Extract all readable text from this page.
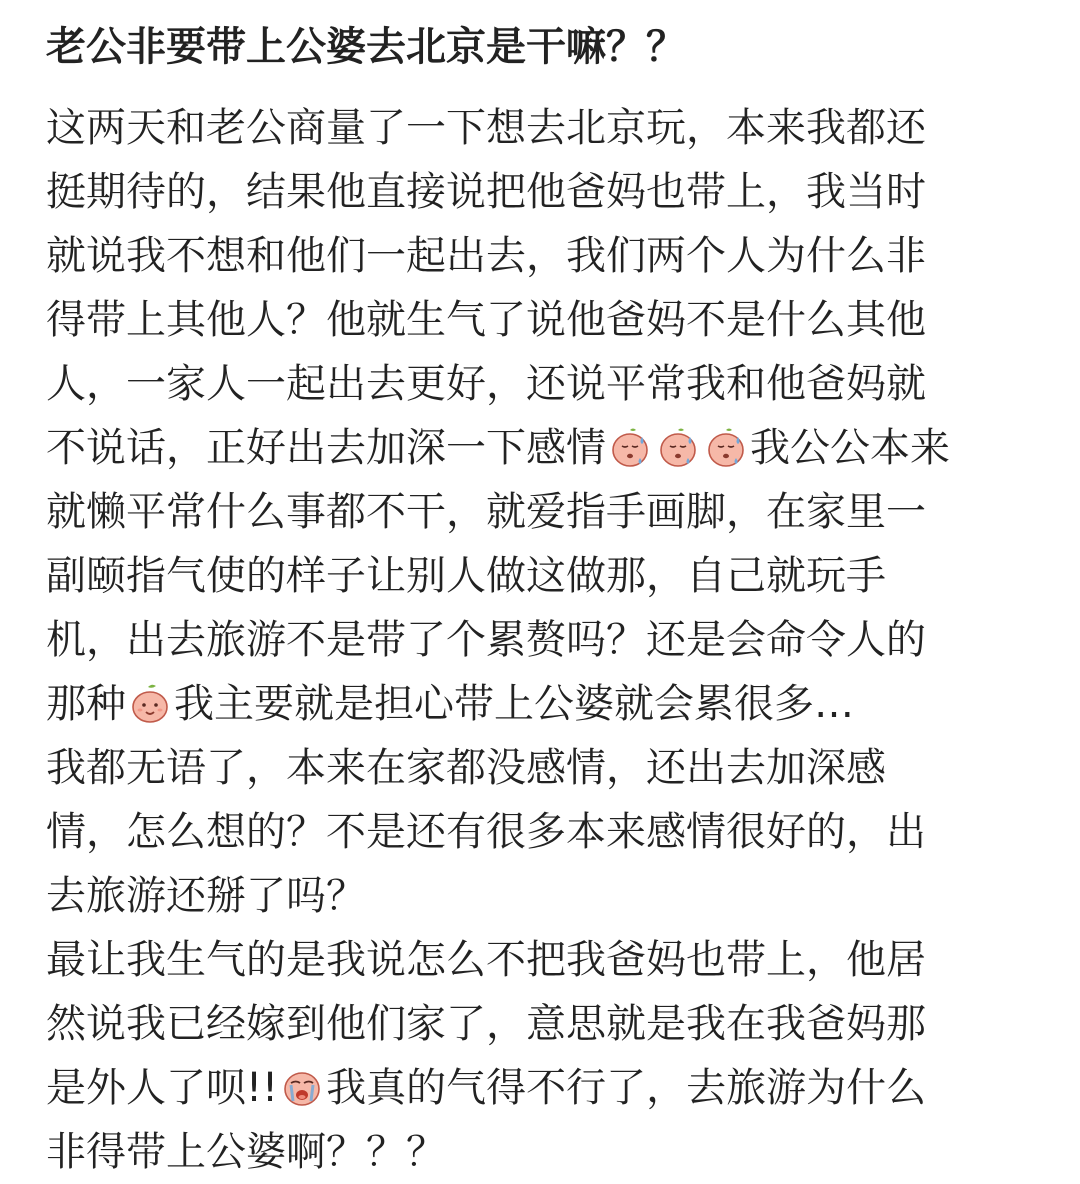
老公非要带上公婆去北京是干嘛？？
这两天和老公商量了一下想去北京玩，本来我都还
挺期待的，结果他直接说把他爸妈也带上，我当时
就说我不想和他们一起出去，我们两个人为什么非
得带上其他人？他就生气了说他爸妈不是什么其他
人，一家人一起出去更好，还说平常我和他爸妈就
不说话，正好出去加深一下感情	我公公本来
就懒平常什么事都不干，就爱指手画脚，在家里一
副颐指气使的样子让别人做这做那，自己就玩手
机，出去旅游不是带了个累赘吗？还是会命令人的
那种 我主要就是担心带上公婆就会累很多…
我都无语了，本来在家都没感情，还出去加深感
情，怎么想的？不是还有很多本来感情很好的，出
去旅游还掰了吗？
最让我生气的是我说怎么不把我爸妈也带上，他居
然说我已经嫁到他们家了，意思就是我在我爸妈那
是外人了呗!! 我真的气得不行了，去旅游为什么
非得带上公婆啊？？？
